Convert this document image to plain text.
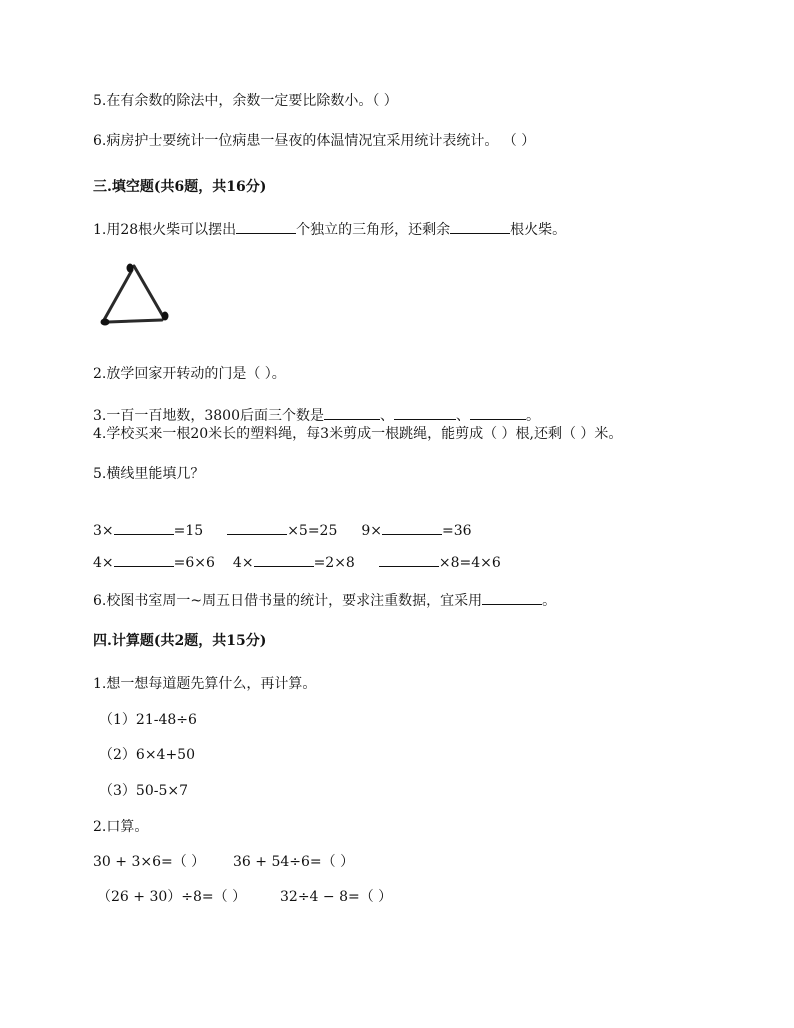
5.在有余数的除法中，余数一定要比除数小。（ ）
6.病房护士要统计一位病患一昼夜的体温情况宜采用统计表统计。 （ ）
三.填空题(共6题，共16分)
1.用28根火柴可以摆出	个独立的三角形，还剩余	根火柴。
2.放学回家开转动的门是（ ）。
3.一百一百地数，3800后面三个数是	、	、	。
4.学校买来一根20米长的塑料绳，每3米剪成一根跳绳，能剪成（ ）根,还剩（ ）米。
5.横线里能填几？
3×	=15	×5=25 9×	=36
4×	=6×6 4×	=2×8	×8=4×6
6.校图书室周一~周五日借书量的统计，要求注重数据，宜采用	。
四.计算题(共2题，共15分)
1.想一想每道题先算什么，再计算。
（1）21-48÷6
（2）6×4+50
（3）50-5×7
2.口算。
30 + 3×6=（ ） 36 + 54÷6=（ ）
（26 + 30）÷8=（ ） 32÷4 − 8=（ ）
